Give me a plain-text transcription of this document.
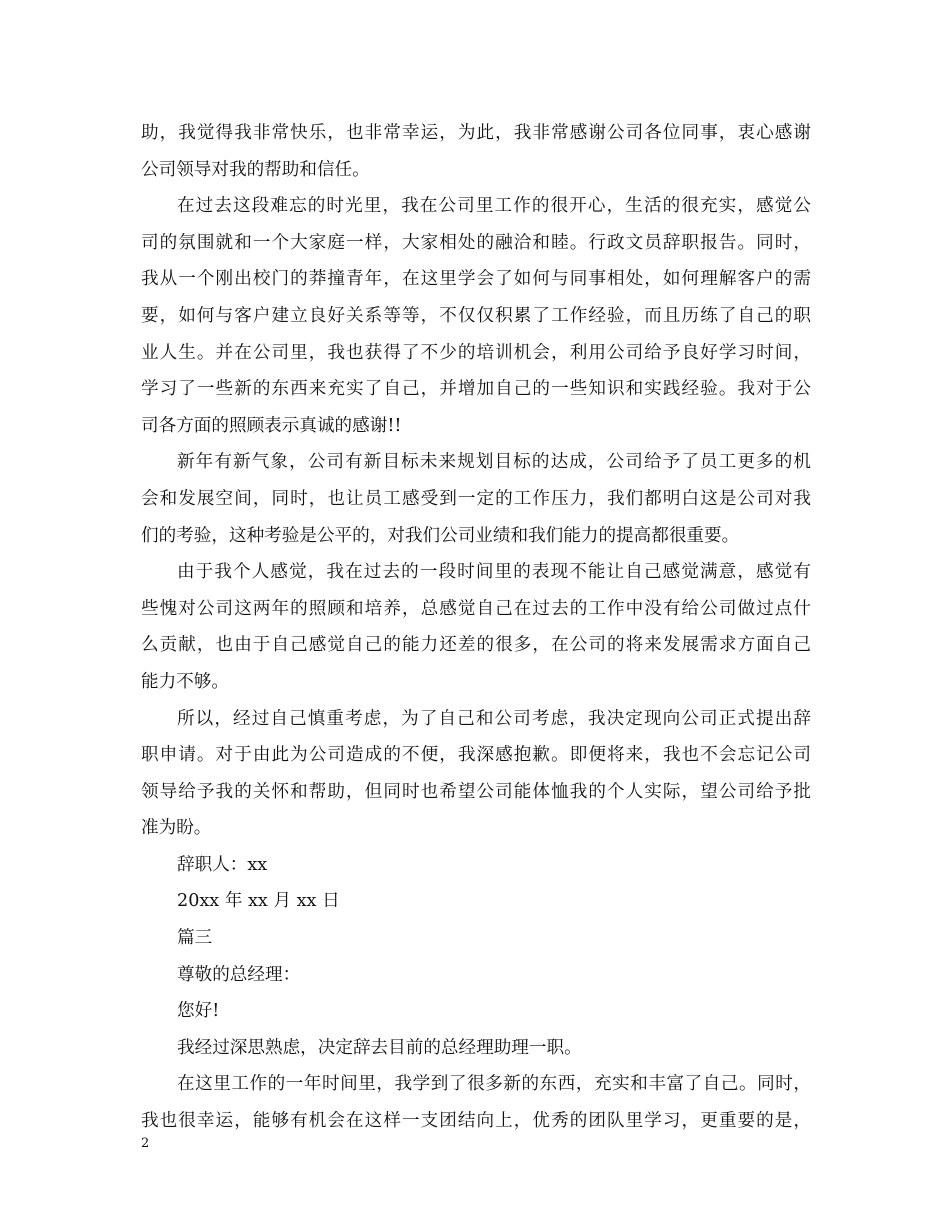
助，我觉得我非常快乐，也非常幸运，为此，我非常感谢公司各位同事，衷心感谢
公司领导对我的帮助和信任。
在过去这段难忘的时光里，我在公司里工作的很开心，生活的很充实，感觉公
司的氛围就和一个大家庭一样，大家相处的融洽和睦。行政文员辞职报告。同时，
我从一个刚出校门的莽撞青年，在这里学会了如何与同事相处，如何理解客户的需
要，如何与客户建立良好关系等等，不仅仅积累了工作经验，而且历练了自己的职
业人生。并在公司里，我也获得了不少的培训机会，利用公司给予良好学习时间，
学习了一些新的东西来充实了自己，并增加自己的一些知识和实践经验。我对于公
司各方面的照顾表示真诚的感谢!!
新年有新气象，公司有新目标未来规划目标的达成，公司给予了员工更多的机
会和发展空间，同时，也让员工感受到一定的工作压力，我们都明白这是公司对我
们的考验，这种考验是公平的，对我们公司业绩和我们能力的提高都很重要。
由于我个人感觉，我在过去的一段时间里的表现不能让自己感觉满意，感觉有
些愧对公司这两年的照顾和培养，总感觉自己在过去的工作中没有给公司做过点什
么贡献，也由于自己感觉自己的能力还差的很多，在公司的将来发展需求方面自己
能力不够。
所以，经过自己慎重考虑，为了自己和公司考虑，我决定现向公司正式提出辞
职申请。对于由此为公司造成的不便，我深感抱歉。即便将来，我也不会忘记公司
领导给予我的关怀和帮助，但同时也希望公司能体恤我的个人实际，望公司给予批
准为盼。
辞职人：xx
20xx 年 xx 月 xx 日
篇三
尊敬的总经理：
您好!
我经过深思熟虑，决定辞去目前的总经理助理一职。
在这里工作的一年时间里，我学到了很多新的东西，充实和丰富了自己。同时，
我也很幸运，能够有机会在这样一支团结向上，优秀的团队里学习，更重要的是，
2
